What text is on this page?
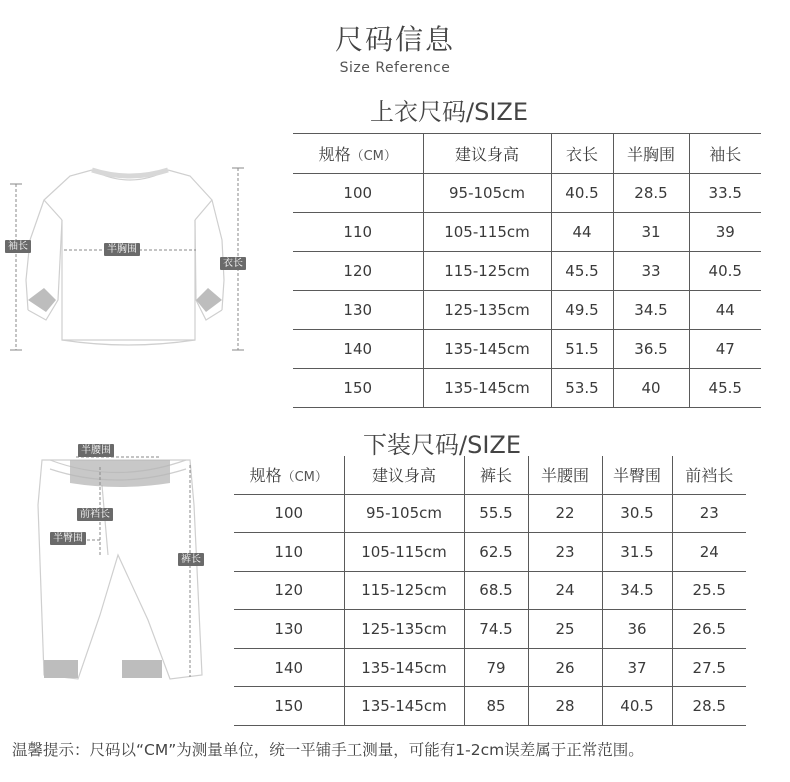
尺码信息
Size Reference
上衣尺码/SIZE
袖长	半胸围
衣长
规格（CM）	建议身高	衣长	半胸围	袖长
100	95-105cm	40.5	28.5	33.5
110	105-115cm	44	31	39
120	115-125cm	45.5	33	40.5
130	125-135cm	49.5	34.5	44
140	135-145cm	51.5	36.5	47
150	135-145cm	53.5	40	45.5
下装尺码/SIZE
半腰围
前裆长
半臀围
裤长
规格（CM）	建议身高	裤长	半腰围	半臀围	前裆长
100	95-105cm	55.5	22	30.5	23
110	105-115cm	62.5	23	31.5	24
120	115-125cm	68.5	24	34.5	25.5
130	125-135cm	74.5	25	36	26.5
140	135-145cm	79	26	37	27.5
150	135-145cm	85	28	40.5	28.5
温馨提示：尺码以“CM”为测量单位，统一平铺手工测量，可能有1-2cm误差属于正常范围。
